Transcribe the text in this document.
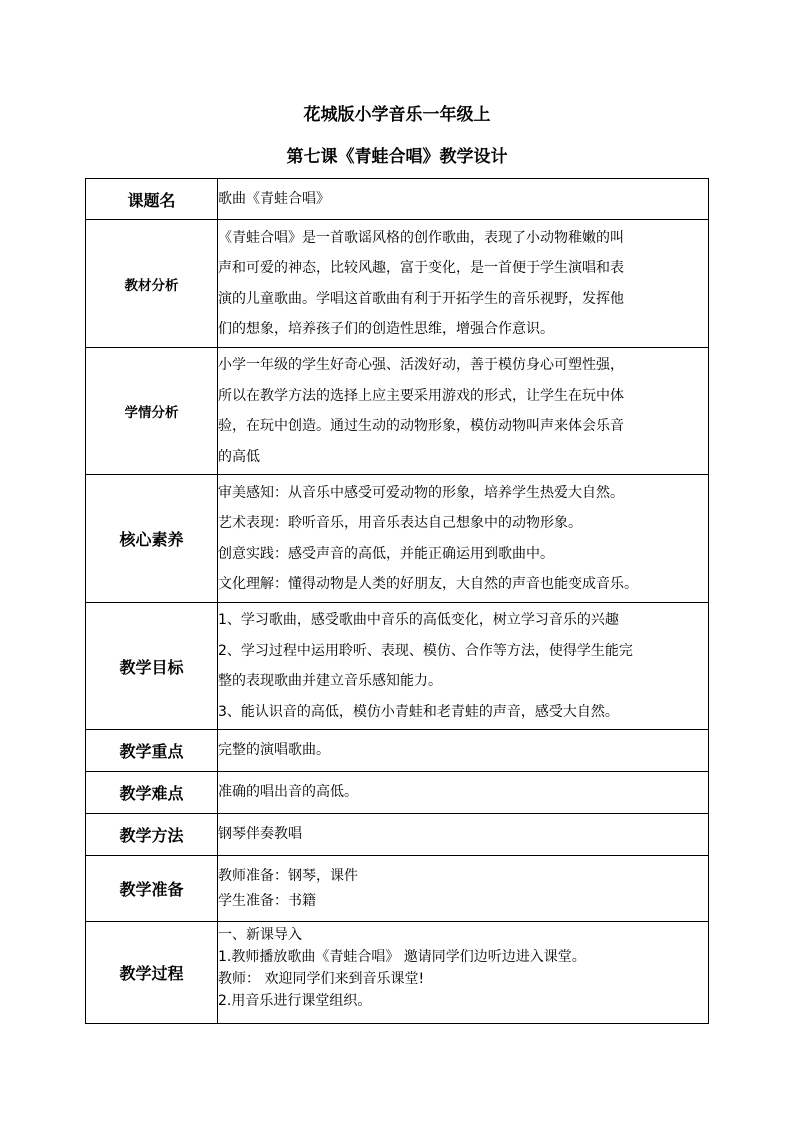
花城版小学音乐一年级上
第七课《青蛙合唱》教学设计
课题名	歌曲《青蛙合唱》

教材分析	《青蛙合唱》是一首歌谣风格的创作歌曲，表现了小动物稚嫩的叫
声和可爱的神态，比较风趣，富于变化，是一首便于学生演唱和表
演的儿童歌曲。学唱这首歌曲有利于开拓学生的音乐视野，发挥他
们的想象，培养孩子们的创造性思维，增强合作意识。

学情分析	小学一年级的学生好奇心强、活泼好动，善于模仿身心可塑性强，
所以在教学方法的选择上应主要采用游戏的形式，让学生在玩中体
验，在玩中创造。通过生动的动物形象，模仿动物叫声来体会乐音
的高低

核心素养	审美感知：从音乐中感受可爱动物的形象，培养学生热爱大自然。
艺术表现：聆听音乐，用音乐表达自己想象中的动物形象。
创意实践：感受声音的高低，并能正确运用到歌曲中。
文化理解：懂得动物是人类的好朋友，大自然的声音也能变成音乐。

教学目标	1、学习歌曲，感受歌曲中音乐的高低变化，树立学习音乐的兴趣
2、学习过程中运用聆听、表现、模仿、合作等方法，使得学生能完
整的表现歌曲并建立音乐感知能力。
3、能认识音的高低，模仿小青蛙和老青蛙的声音，感受大自然。

教学重点	完整的演唱歌曲。

教学难点	准确的唱出音的高低。

教学方法	钢琴伴奏教唱

教学准备	教师准备：钢琴，课件
学生准备：书籍

教学过程	一、新课导入
1.教师播放歌曲《青蛙合唱》 邀请同学们边听边进入课堂。
教师： 欢迎同学们来到音乐课堂!
2.用音乐进行课堂组织。
